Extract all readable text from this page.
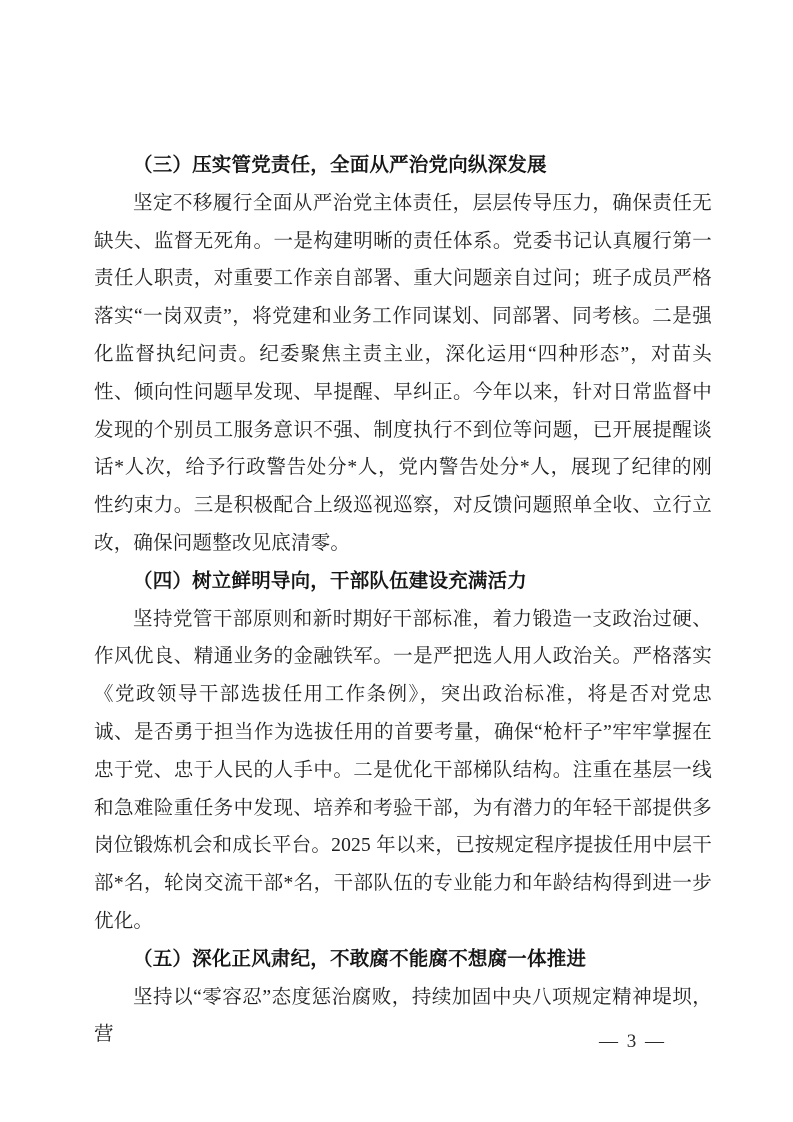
（三）压实管党责任，全面从严治党向纵深发展

坚定不移履行全面从严治党主体责任，层层传导压力，确保责任无缺失、监督无死角。一是构建明晰的责任体系。党委书记认真履行第一责任人职责，对重要工作亲自部署、重大问题亲自过问；班子成员严格落实“一岗双责”，将党建和业务工作同谋划、同部署、同考核。二是强化监督执纪问责。纪委聚焦主责主业，深化运用“四种形态”，对苗头性、倾向性问题早发现、早提醒、早纠正。今年以来，针对日常监督中发现的个别员工服务意识不强、制度执行不到位等问题，已开展提醒谈话*人次，给予行政警告处分*人，党内警告处分*人，展现了纪律的刚性约束力。三是积极配合上级巡视巡察，对反馈问题照单全收、立行立改，确保问题整改见底清零。

（四）树立鲜明导向，干部队伍建设充满活力

坚持党管干部原则和新时期好干部标准，着力锻造一支政治过硬、作风优良、精通业务的金融铁军。一是严把选人用人政治关。严格落实《党政领导干部选拔任用工作条例》，突出政治标准，将是否对党忠诚、是否勇于担当作为选拔任用的首要考量，确保“枪杆子”牢牢掌握在忠于党、忠于人民的人手中。二是优化干部梯队结构。注重在基层一线和急难险重任务中发现、培养和考验干部，为有潜力的年轻干部提供多岗位锻炼机会和成长平台。2025 年以来，已按规定程序提拔任用中层干部*名，轮岗交流干部*名，干部队伍的专业能力和年龄结构得到进一步优化。

（五）深化正风肃纪，不敢腐不能腐不想腐一体推进

坚持以“零容忍”态度惩治腐败，持续加固中央八项规定精神堤坝，营	— 3 —
